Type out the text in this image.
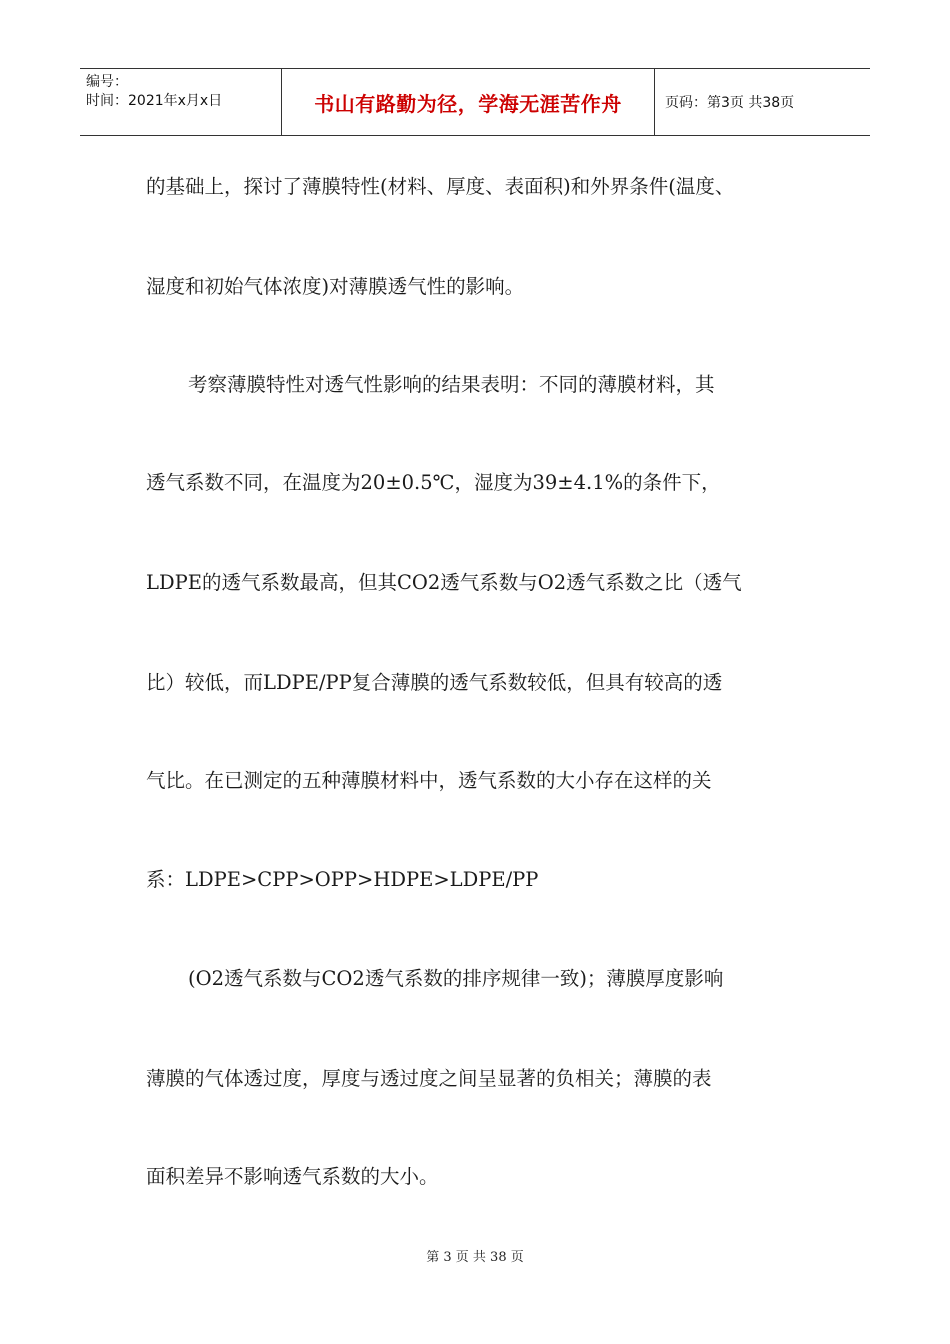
编号：
时间：2021年x月x日	书山有路勤为径，学海无涯苦作舟	页码：第3页 共38页
的基础上，探讨了薄膜特性(材料、厚度、表面积)和外界条件(温度、
湿度和初始气体浓度)对薄膜透气性的影响。
考察薄膜特性对透气性影响的结果表明：不同的薄膜材料，其
透气系数不同，在温度为20±0.5℃，湿度为39±4.1%的条件下，
LDPE的透气系数最高，但其CO2透气系数与O2透气系数之比（透气
比）较低，而LDPE/PP复合薄膜的透气系数较低，但具有较高的透
气比。在已测定的五种薄膜材料中，透气系数的大小存在这样的关
系：LDPE>CPP>OPP>HDPE>LDPE/PP
(O2透气系数与CO2透气系数的排序规律一致)；薄膜厚度影响
薄膜的气体透过度，厚度与透过度之间呈显著的负相关；薄膜的表
面积差异不影响透气系数的大小。
第 3 页 共 38 页
